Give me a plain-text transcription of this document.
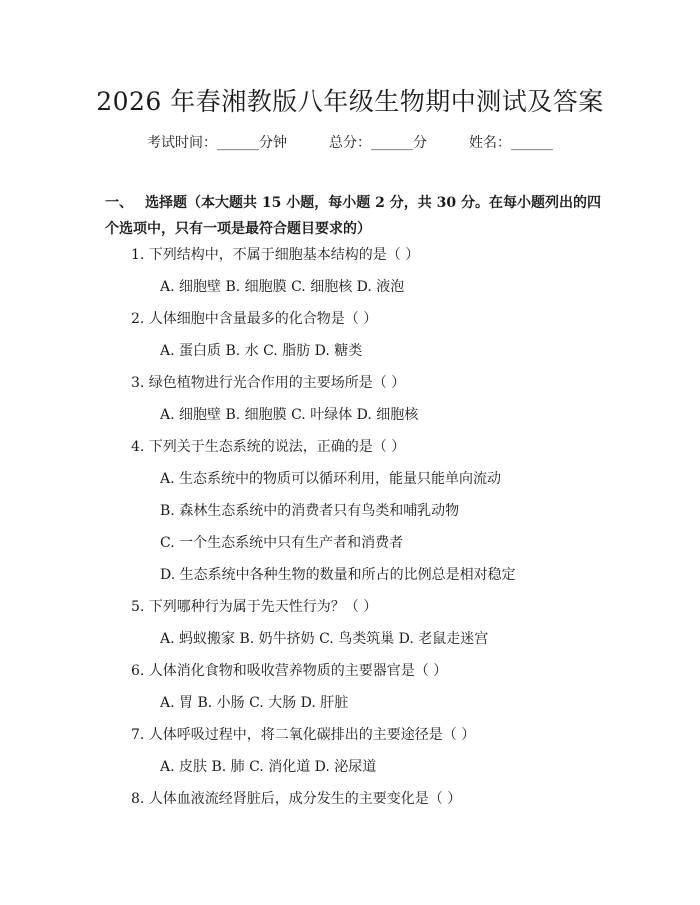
2026 年春湘教版八年级生物期中测试及答案
考试时间：______分钟　　　总分：______分　　　姓名：______

一、 选择题（本大题共 15 小题，每小题 2 分，共 30 分。在每小题列出的四个选项中，只有一项是最符合题目要求的）

1. 下列结构中，不属于细胞基本结构的是（ ）
A. 细胞壁 B. 细胞膜 C. 细胞核 D. 液泡
2. 人体细胞中含量最多的化合物是（ ）
A. 蛋白质 B. 水 C. 脂肪 D. 糖类
3. 绿色植物进行光合作用的主要场所是（ ）
A. 细胞壁 B. 细胞膜 C. 叶绿体 D. 细胞核
4. 下列关于生态系统的说法，正确的是（ ）
A. 生态系统中的物质可以循环利用，能量只能单向流动
B. 森林生态系统中的消费者只有鸟类和哺乳动物
C. 一个生态系统中只有生产者和消费者
D. 生态系统中各种生物的数量和所占的比例总是相对稳定
5. 下列哪种行为属于先天性行为？（ ）
A. 蚂蚁搬家 B. 奶牛挤奶 C. 鸟类筑巢 D. 老鼠走迷宫
6. 人体消化食物和吸收营养物质的主要器官是（ ）
A. 胃 B. 小肠 C. 大肠 D. 肝脏
7. 人体呼吸过程中，将二氧化碳排出的主要途径是（ ）
A. 皮肤 B. 肺 C. 消化道 D. 泌尿道
8. 人体血液流经肾脏后，成分发生的主要变化是（ ）
